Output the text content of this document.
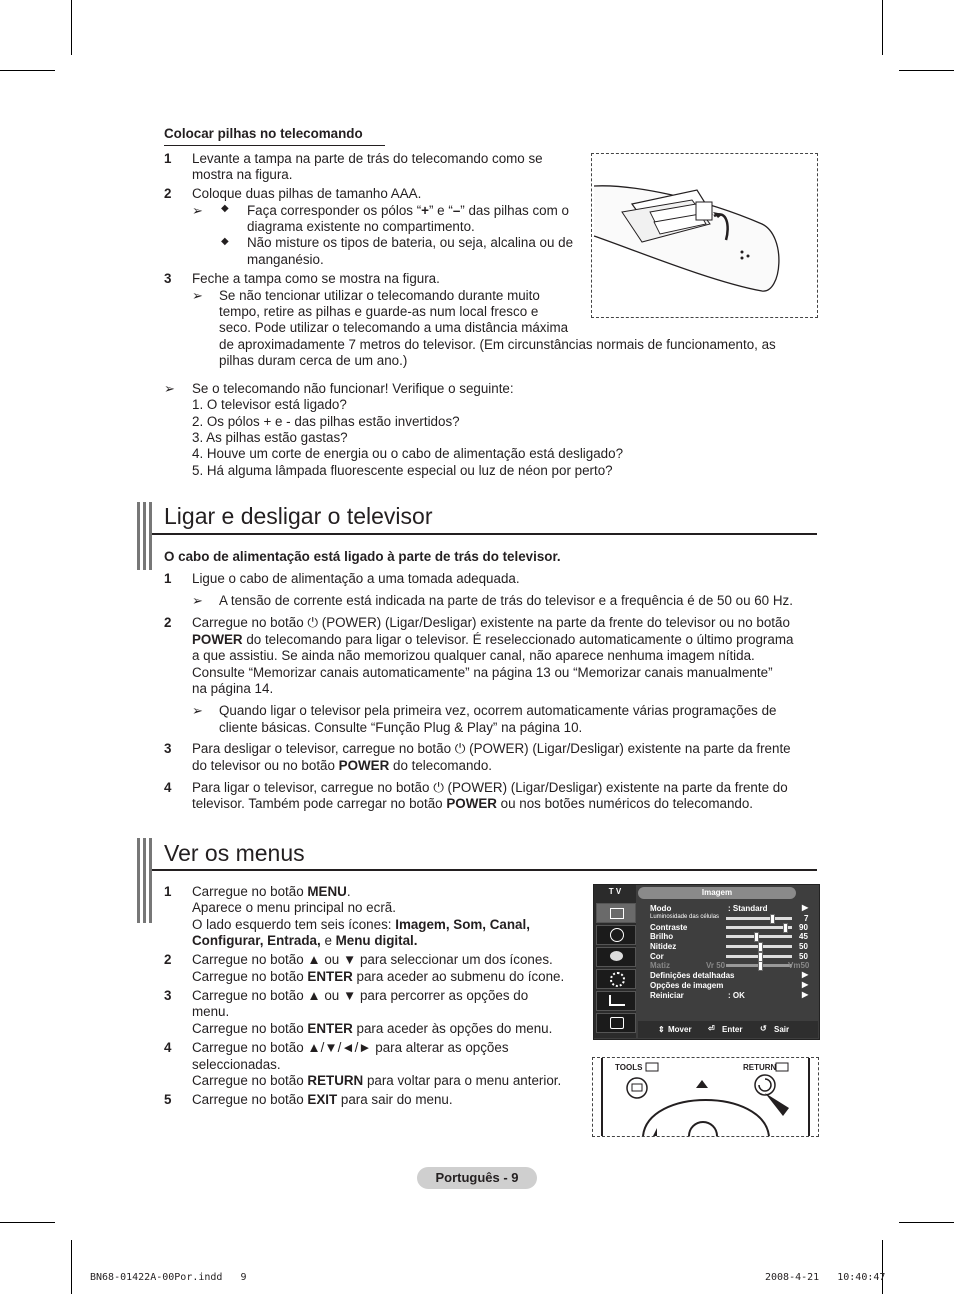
Colocar pilhas no telecomando
1 Levante a tampa na parte de trás do telecomando como se
mostra na figura.
2 Coloque duas pilhas de tamanho AAA.
➢ ◆ Faça corresponder os pólos “+” e “–” das pilhas com o
diagrama existente no compartimento.
◆ Não misture os tipos de bateria, ou seja, alcalina ou de
manganésio.
3 Feche a tampa como se mostra na figura.
➢ Se não tencionar utilizar o telecomando durante muito
tempo, retire as pilhas e guarde-as num local fresco e
seco. Pode utilizar o telecomando a uma distância máxima
de aproximadamente 7 metros do televisor. (Em circunstâncias normais de funcionamento, as
pilhas duram cerca de um ano.)
➢ Se o telecomando não funcionar! Verifique o seguinte:
1. O televisor está ligado?
2. Os pólos + e - das pilhas estão invertidos?
3. As pilhas estão gastas?
4. Houve um corte de energia ou o cabo de alimentação está desligado?
5. Há alguma lâmpada fluorescente especial ou luz de néon por perto?
Ligar e desligar o televisor
O cabo de alimentação está ligado à parte de trás do televisor.
1 Ligue o cabo de alimentação a uma tomada adequada.
➢ A tensão de corrente está indicada na parte de trás do televisor e a frequência é de 50 ou 60 Hz.
2 Carregue no botão ⏻ (POWER) (Ligar/Desligar) existente na parte da frente do televisor ou no botão
POWER do telecomando para ligar o televisor. É reseleccionado automaticamente o último programa
a que assistiu. Se ainda não memorizou qualquer canal, não aparece nenhuma imagem nítida.
Consulte “Memorizar canais automaticamente” na página 13 ou “Memorizar canais manualmente”
na página 14.
➢ Quando ligar o televisor pela primeira vez, ocorrem automaticamente várias programações de
cliente básicas. Consulte “Função Plug & Play” na página 10.
3 Para desligar o televisor, carregue no botão ⏻ (POWER) (Ligar/Desligar) existente na parte da frente
do televisor ou no botão POWER do telecomando.
4 Para ligar o televisor, carregue no botão ⏻ (POWER) (Ligar/Desligar) existente na parte da frente do
televisor. Também pode carregar no botão POWER ou nos botões numéricos do telecomando.
Ver os menus
1 Carregue no botão MENU.
Aparece o menu principal no ecrã.
O lado esquerdo tem seis ícones: Imagem, Som, Canal,
Configurar, Entrada, e Menu digital.
2 Carregue no botão ▲ ou ▼ para seleccionar um dos ícones.
Carregue no botão ENTER para aceder ao submenu do ícone.
3 Carregue no botão ▲ ou ▼ para percorrer as opções do
menu.
Carregue no botão ENTER para aceder às opções do menu.
4 Carregue no botão ▲/▼/◄/► para alterar as opções
seleccionadas.
Carregue no botão RETURN para voltar para o menu anterior.
5 Carregue no botão EXIT para sair do menu.
T V	Imagem
Modo	: Standard	▶
Luminosidade das células	7
Contraste	90
Brilho	45
Nitidez	50
Cor	50
Matiz	Vr 50	Vm50
Definições detalhadas	▶
Opções de imagem	▶
Reiniciar	: OK	▶
⇕ Mover ⏎ Enter ↺ Sair
TOOLS	RETURN
Português - 9
BN68-01422A-00Por.indd   9	2008-4-21   10:40:47
